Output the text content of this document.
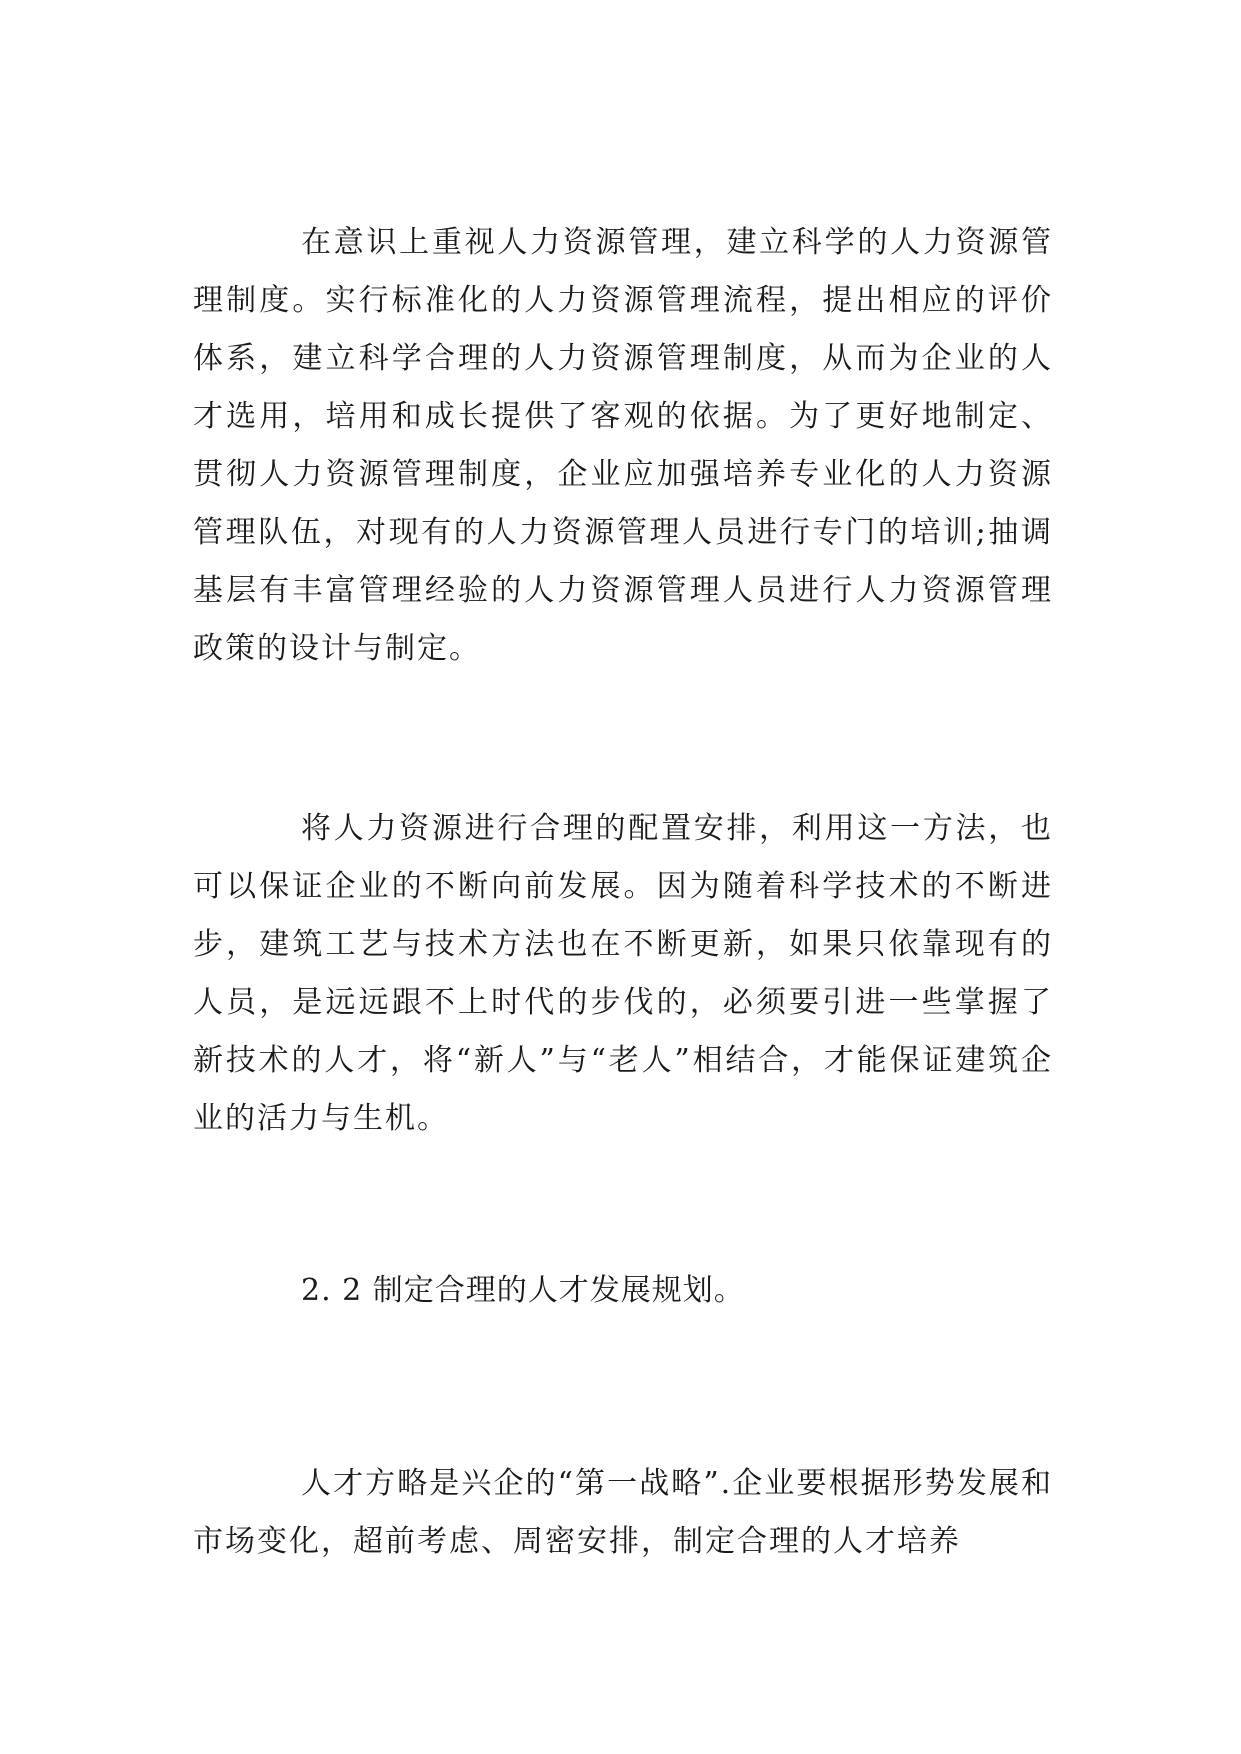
在意识上重视人力资源管理，建立科学的人力资源管理制度。实行标准化的人力资源管理流程，提出相应的评价体系，建立科学合理的人力资源管理制度，从而为企业的人才选用，培用和成长提供了客观的依据。为了更好地制定、贯彻人力资源管理制度，企业应加强培养专业化的人力资源管理队伍，对现有的人力资源管理人员进行专门的培训;抽调基层有丰富管理经验的人力资源管理人员进行人力资源管理政策的设计与制定。

将人力资源进行合理的配置安排，利用这一方法，也可以保证企业的不断向前发展。因为随着科学技术的不断进步，建筑工艺与技术方法也在不断更新，如果只依靠现有的人员，是远远跟不上时代的步伐的，必须要引进一些掌握了新技术的人才，将“新人”与“老人”相结合，才能保证建筑企业的活力与生机。

2. 2 制定合理的人才发展规划。

人才方略是兴企的“第一战略”.企业要根据形势发展和市场变化，超前考虑、周密安排，制定合理的人才培养
